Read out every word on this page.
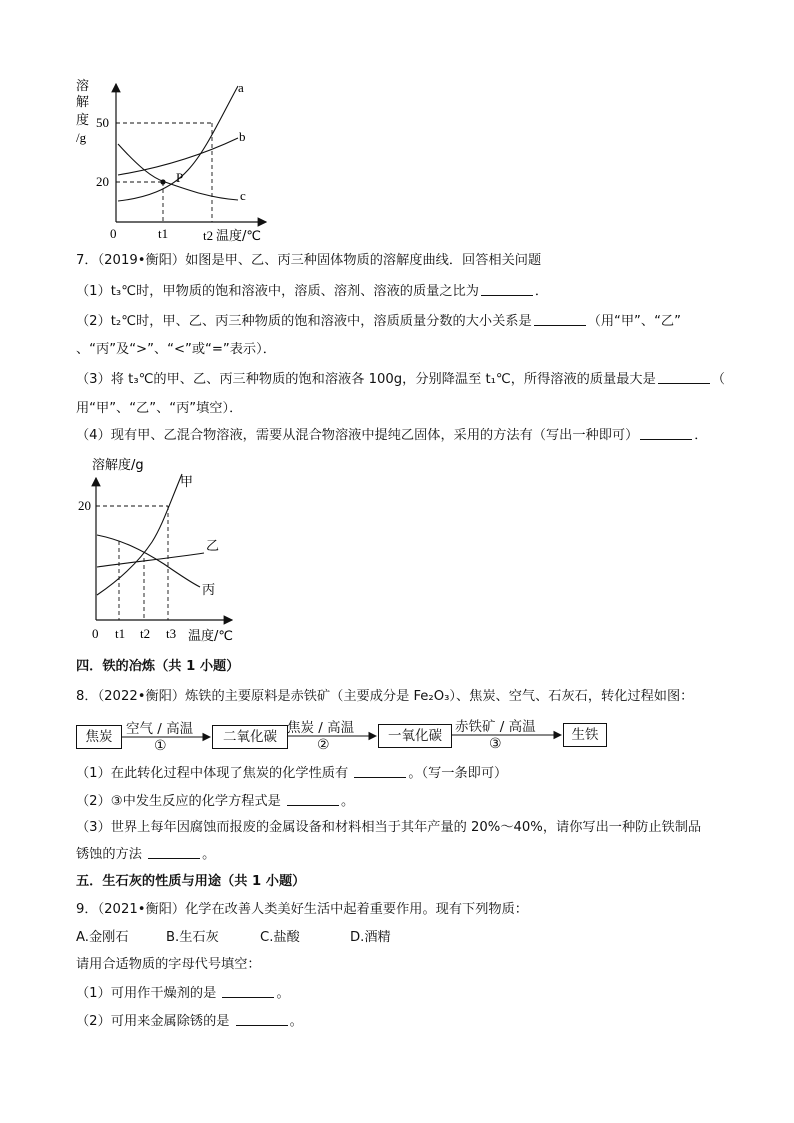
溶
解
度
/g
a
b
c
P
50
20
0	t1	t2 温度/℃
7．（2019•衡阳）如图是甲、乙、丙三种固体物质的溶解度曲线．回答相关问题
（1）t₃℃时，甲物质的饱和溶液中，溶质、溶剂、溶液的质量之比为	．
（2）t₂℃时，甲、乙、丙三种物质的饱和溶液中，溶质质量分数的大小关系是	（用“甲”、“乙”
、“丙”及“>”、“<”或“=”表示）．
（3）将 t₃℃的甲、乙、丙三种物质的饱和溶液各 100g，分别降温至 t₁℃，所得溶液的质量最大是	（
用“甲”、“乙”、“丙”填空）．
（4）现有甲、乙混合物溶液，需要从混合物溶液中提纯乙固体，采用的方法有（写出一种即可）	．
溶解度/g
甲
乙
丙
20
0 t1 t2 t3 温度/℃
四．铁的冶炼（共 1 小题）
8．（2022•衡阳）炼铁的主要原料是赤铁矿（主要成分是 Fe₂O₃）、焦炭、空气、石灰石，转化过程如图：
焦炭	二氧化碳	一氧化碳	生铁
空气 / 高温	焦炭 / 高温	赤铁矿 / 高温
①	②	③
（1）在此转化过程中体现了焦炭的化学性质有	。（写一条即可）
（2）③中发生反应的化学方程式是	。
（3）世界上每年因腐蚀而报废的金属设备和材料相当于其年产量的 20%～40%，请你写出一种防止铁制品
锈蚀的方法	。
五．生石灰的性质与用途（共 1 小题）
9．（2021•衡阳）化学在改善人类美好生活中起着重要作用。现有下列物质：
A.金刚石	B.生石灰	C.盐酸	D.酒精
请用合适物质的字母代号填空：
（1）可用作干燥剂的是	。
（2）可用来金属除锈的是	。
